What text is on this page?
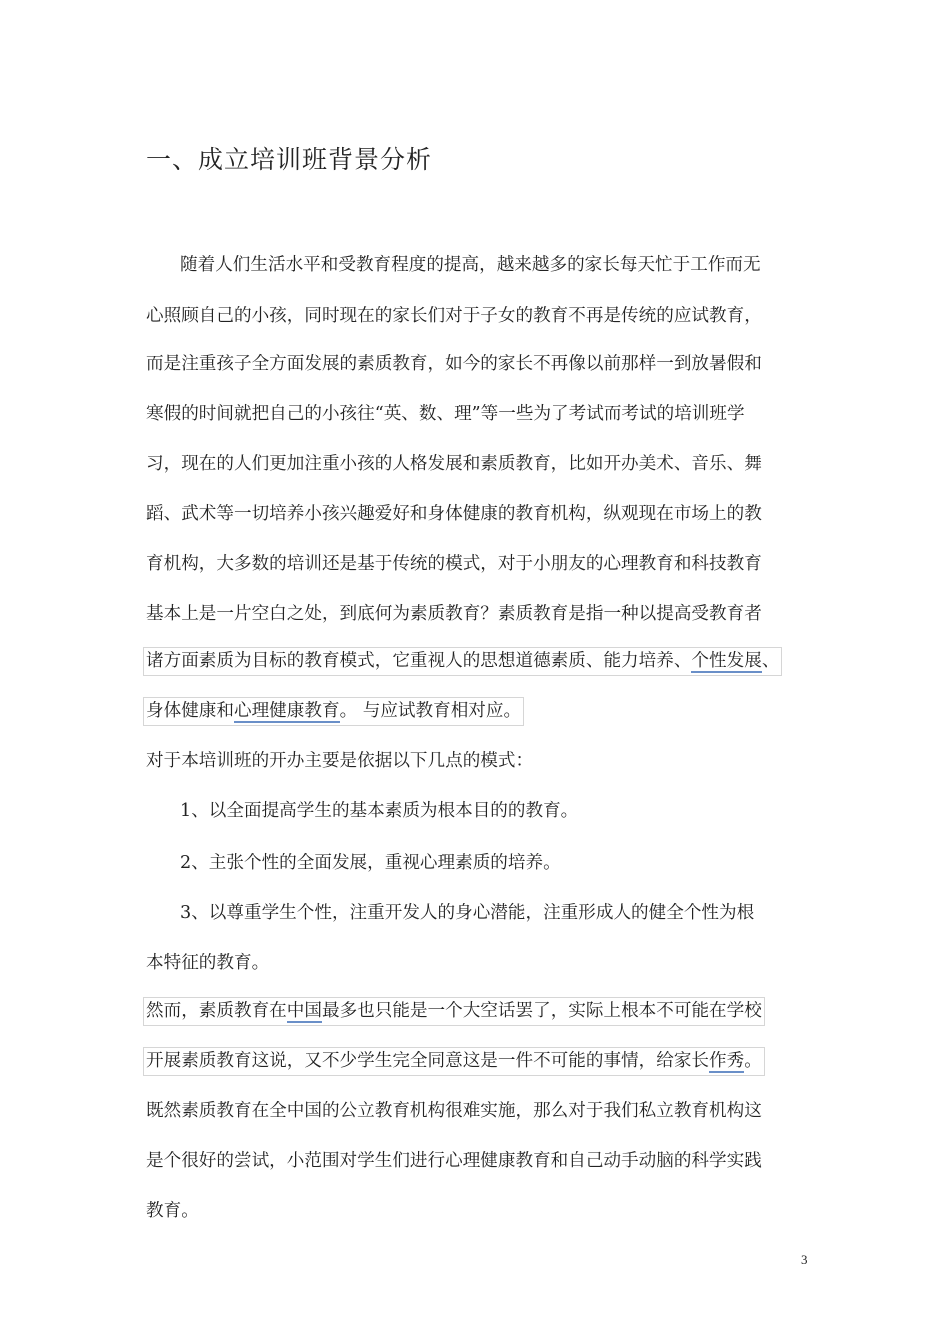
一、成立培训班背景分析
随着人们生活水平和受教育程度的提高，越来越多的家长每天忙于工作而无
心照顾自己的小孩，同时现在的家长们对于子女的教育不再是传统的应试教育，
而是注重孩子全方面发展的素质教育，如今的家长不再像以前那样一到放暑假和
寒假的时间就把自己的小孩往“英、数、理”等一些为了考试而考试的培训班学
习，现在的人们更加注重小孩的人格发展和素质教育，比如开办美术、音乐、舞
蹈、武术等一切培养小孩兴趣爱好和身体健康的教育机构，纵观现在市场上的教
育机构，大多数的培训还是基于传统的模式，对于小朋友的心理教育和科技教育
基本上是一片空白之处，到底何为素质教育？素质教育是指一种以提高受教育者
诸方面素质为目标的教育模式，它重视人的思想道德素质、能力培养、个性发展、
身体健康和心理健康教育。 与应试教育相对应。
对于本培训班的开办主要是依据以下几点的模式：
1、以全面提高学生的基本素质为根本目的的教育。
2、主张个性的全面发展，重视心理素质的培养。
3、以尊重学生个性，注重开发人的身心潜能，注重形成人的健全个性为根
本特征的教育。
然而，素质教育在中国最多也只能是一个大空话罢了，实际上根本不可能在学校
开展素质教育这说，又不少学生完全同意这是一件不可能的事情，给家长作秀。
既然素质教育在全中国的公立教育机构很难实施，那么对于我们私立教育机构这
是个很好的尝试，小范围对学生们进行心理健康教育和自己动手动脑的科学实践
教育。
3
